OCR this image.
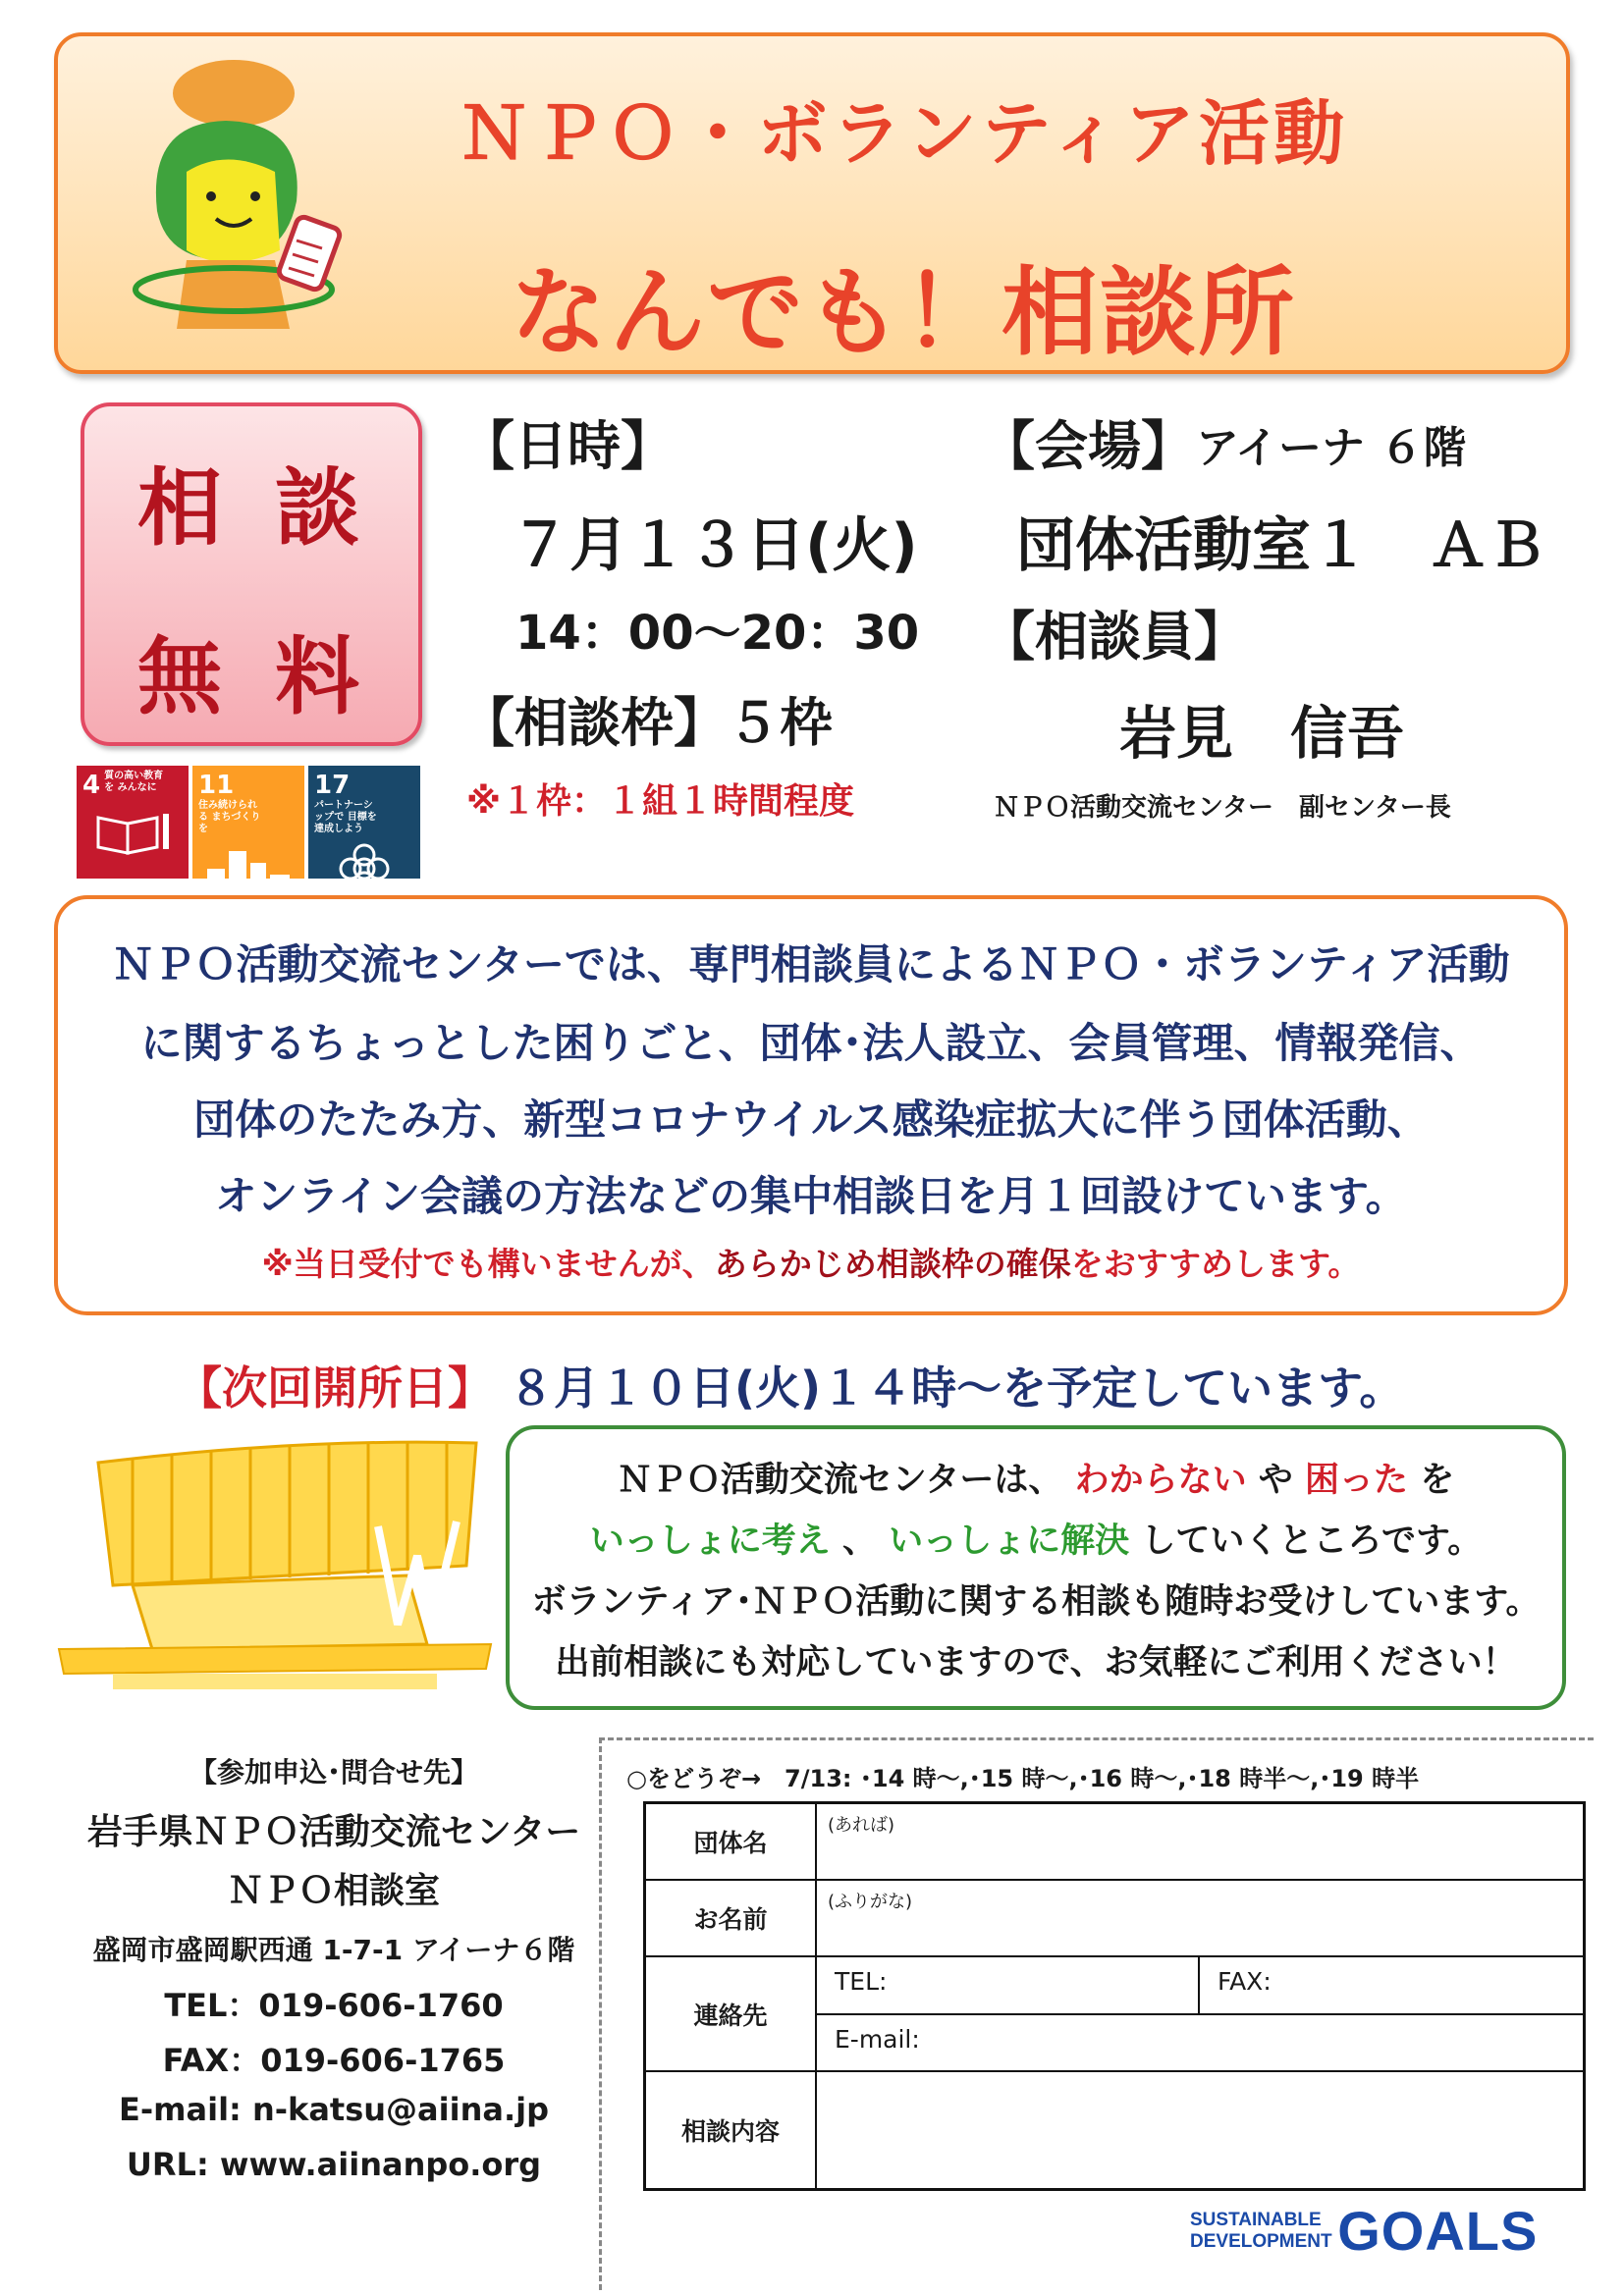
ＮＰＯ・ボランティア活動
なんでも！相談所
相 談
無 料
4 質の高い教育を みんなに	11住み続けられる まちづくりを
17パートナーシップで 目標を達成しよう
【日時】
７月１３日(火)
14：00～20：30
【相談枠】５枠
※１枠：１組１時間程度
【会場】 アイーナ ６階
団体活動室１　ＡＢ
【相談員】
岩見　信吾
ＮＰＯ活動交流センター　副センター長
ＮＰＯ活動交流センターでは、専門相談員によるＮＰＯ・ボランティア活動
に関するちょっとした困りごと、団体･法人設立、会員管理、情報発信、
団体のたたみ方、新型コロナウイルス感染症拡大に伴う団体活動、
オンライン会議の方法などの集中相談日を月１回設けています。
※当日受付でも構いませんが、あらかじめ相談枠の確保をおすすめします。
【次回開所日】 ８月１０日(火)１４時～を予定しています。
ＮＰＯ活動交流センターは、 わからない や 困った を
いっしょに考え 、 いっしょに解決 していくところです。
ボランティア･ＮＰＯ活動に関する相談も随時お受けしています。
出前相談にも対応していますので、お気軽にご利用ください！
【参加申込･問合せ先】
岩手県ＮＰＯ活動交流センター
ＮＰＯ相談室
盛岡市盛岡駅西通 1-7-1 アイーナ６階
TEL：019-606-1760
FAX：019-606-1765
E-mail: n-katsu@aiina.jp
URL: www.aiinanpo.org
○をどうぞ→　7/13: ･14 時～,･15 時～,･16 時～,･18 時半～,･19 時半
団体名	(あれば)	

お名前	(ふりがな)	

連絡先	TEL:	FAX:
	E-mail:	
相談内容		
SUSTAINABLE
DEVELOPMENT GOALS
